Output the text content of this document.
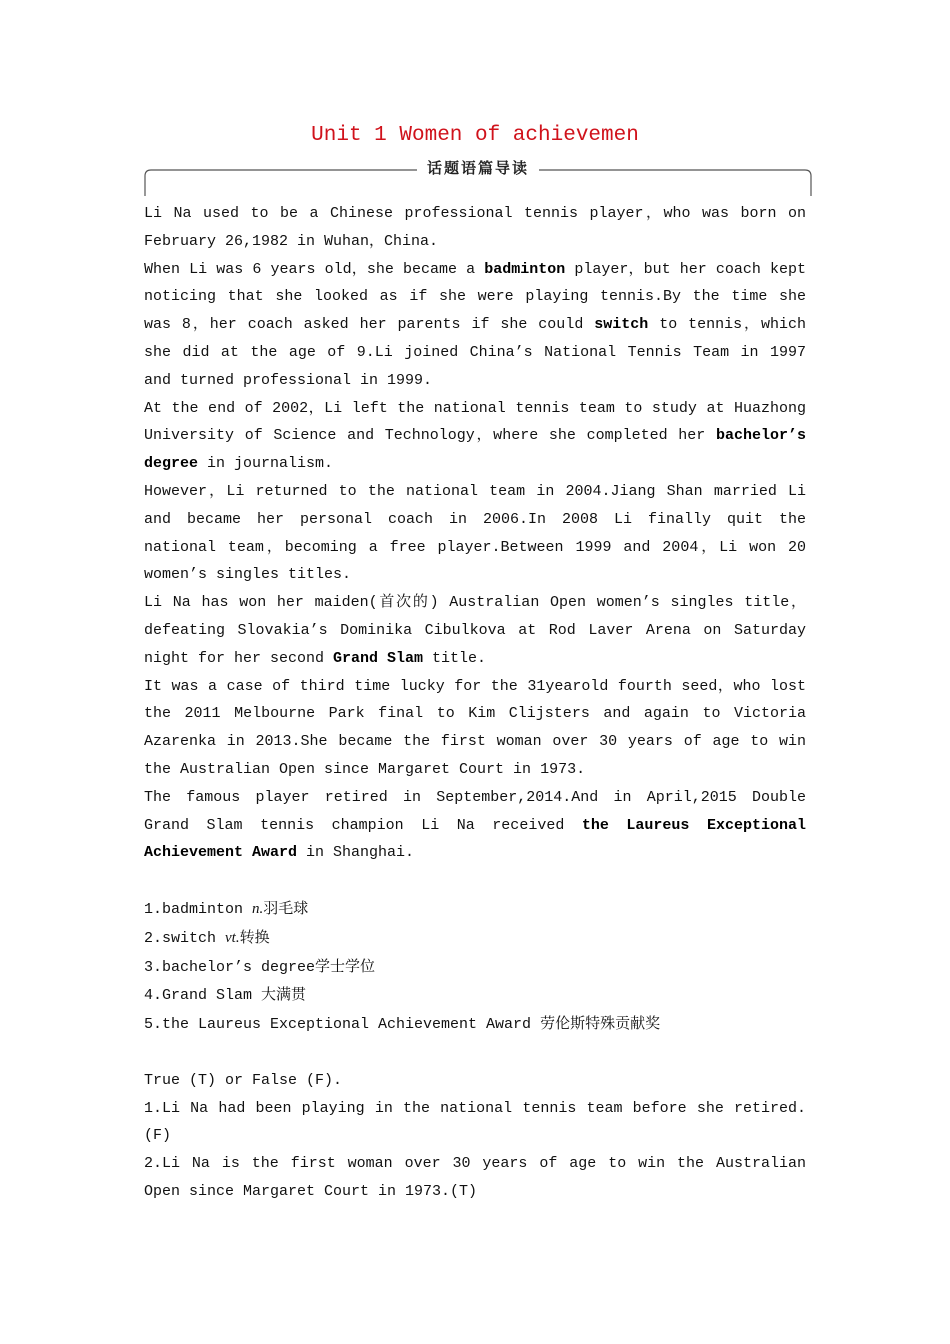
Unit 1 Women of achievemen
话题语篇导读

Li Na used to be a Chinese professional tennis player，who was born on February 26,1982 in Wuhan，China.

When Li was 6 years old，she became a badminton player，but her coach kept noticing that she looked as if she were playing tennis.By the time she was 8，her coach asked her parents if she could switch to tennis，which she did at the age of 9.Li joined China’s National Tennis Team in 1997 and turned professional in 1999.

At the end of 2002，Li left the national tennis team to study at Huazhong University of Science and Technology，where she completed her bachelor’s degree in journalism.

However，Li returned to the national team in 2004.Jiang Shan married Li and became her personal coach in 2006.In 2008 Li finally quit the national team，becoming a free player.Between 1999 and 2004，Li won 20 women’s singles titles.

Li Na has won her maiden(首次的) Australian Open women’s singles title，defeating Slovakia’s Dominika Cibulkova at Rod Laver Arena on Saturday night for her second Grand Slam title.

It was a case of third time lucky for the 31yearold fourth seed，who lost the 2011 Melbourne Park final to Kim Clijsters and again to Victoria Azarenka in 2013.She became the first woman over 30 years of age to win the Australian Open since Margaret Court in 1973.

The famous player retired in September,2014.And in April,2015 Double Grand Slam tennis champion Li Na received the Laureus Exceptional Achievement Award in Shanghai.

1.badminton n.羽毛球

2.switch vt.转换

3.bachelor’s degree学士学位

4.Grand Slam 大满贯

5.the Laureus Exceptional Achievement Award 劳伦斯特殊贡献奖

True (T) or False (F).

1.Li Na had been playing in the national tennis team before she retired.(F)

2.Li Na is the first woman over 30 years of age to win the Australian Open since Margaret Court in 1973.(T)
